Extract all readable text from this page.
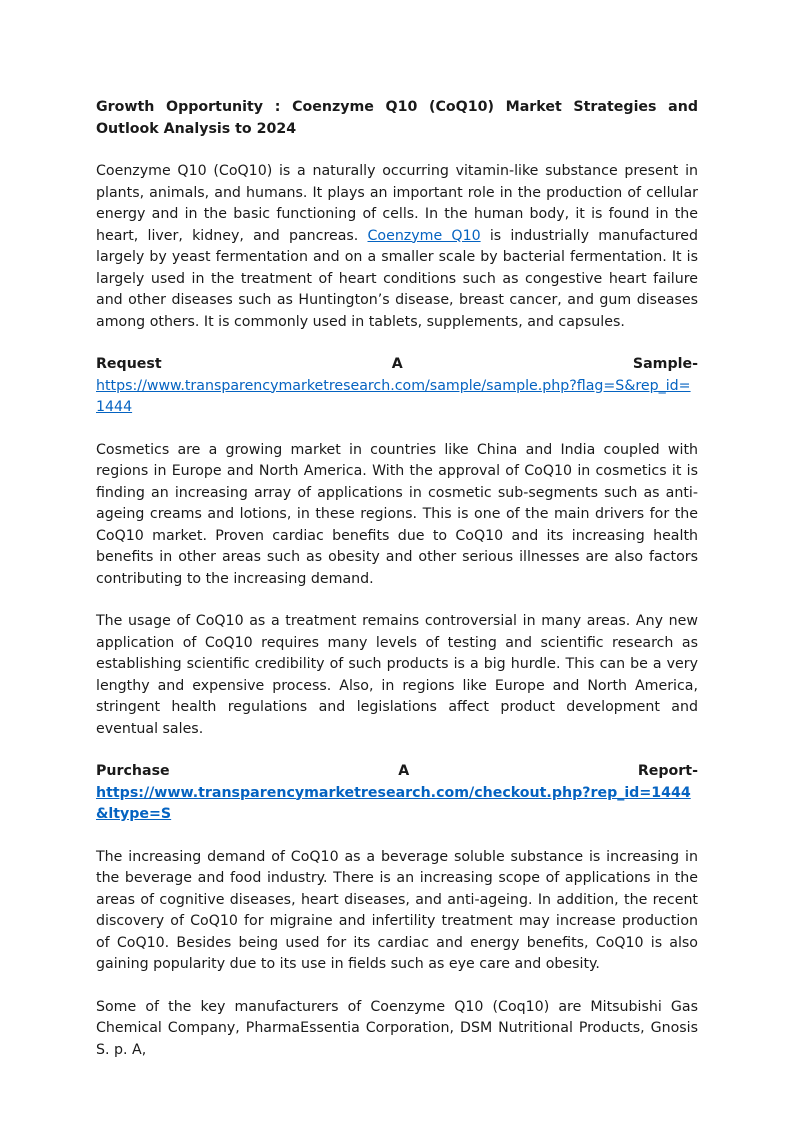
Growth Opportunity : Coenzyme Q10 (CoQ10) Market Strategies and Outlook Analysis to 2024

Coenzyme Q10 (CoQ10) is a naturally occurring vitamin-like substance present in plants, animals, and humans. It plays an important role in the production of cellular energy and in the basic functioning of cells. In the human body, it is found in the heart, liver, kidney, and pancreas. Coenzyme Q10 is industrially manufactured largely by yeast fermentation and on a smaller scale by bacterial fermentation. It is largely used in the treatment of heart conditions such as congestive heart failure and other diseases such as Huntington’s disease, breast cancer, and gum diseases among others. It is commonly used in tablets, supplements, and capsules.

Request	A	Sample-
https://www.transparencymarketresearch.com/sample/sample.php?flag=S&rep_id=1444

Cosmetics are a growing market in countries like China and India coupled with regions in Europe and North America. With the approval of CoQ10 in cosmetics it is finding an increasing array of applications in cosmetic sub-segments such as anti-ageing creams and lotions, in these regions. This is one of the main drivers for the CoQ10 market. Proven cardiac benefits due to CoQ10 and its increasing health benefits in other areas such as obesity and other serious illnesses are also factors contributing to the increasing demand.

The usage of CoQ10 as a treatment remains controversial in many areas. Any new application of CoQ10 requires many levels of testing and scientific research as establishing scientific credibility of such products is a big hurdle. This can be a very lengthy and expensive process. Also, in regions like Europe and North America, stringent health regulations and legislations affect product development and eventual sales.

Purchase	A	Report-
https://www.transparencymarketresearch.com/checkout.php?rep_id=1444&ltype=S

The increasing demand of CoQ10 as a beverage soluble substance is increasing in the beverage and food industry. There is an increasing scope of applications in the areas of cognitive diseases, heart diseases, and anti-ageing. In addition, the recent discovery of CoQ10 for migraine and infertility treatment may increase production of CoQ10. Besides being used for its cardiac and energy benefits, CoQ10 is also gaining popularity due to its use in fields such as eye care and obesity.

Some of the key manufacturers of Coenzyme Q10 (Coq10) are Mitsubishi Gas Chemical Company, PharmaEssentia Corporation, DSM Nutritional Products, Gnosis S. p. A,
